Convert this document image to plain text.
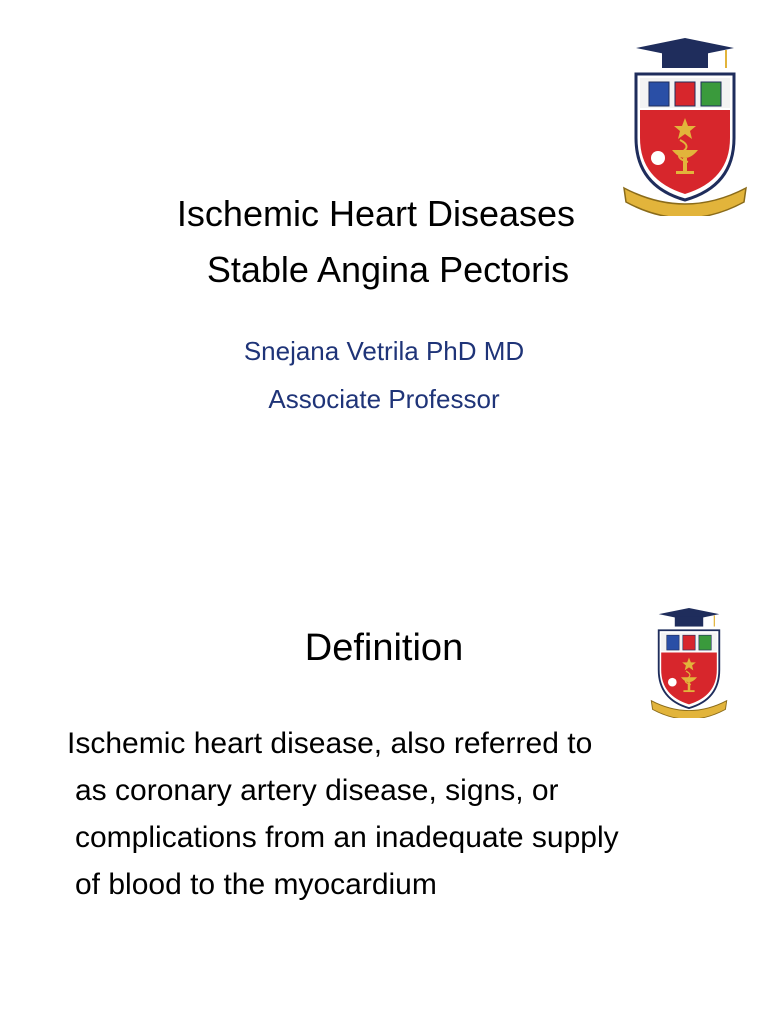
Ischemic Heart Diseases
Stable Angina Pectoris
Snejana Vetrila PhD MD
Associate Professor
Definition
Ischemic heart disease, also referred to
as coronary artery disease, signs, or
complications from an inadequate supply
of blood to the myocardium
